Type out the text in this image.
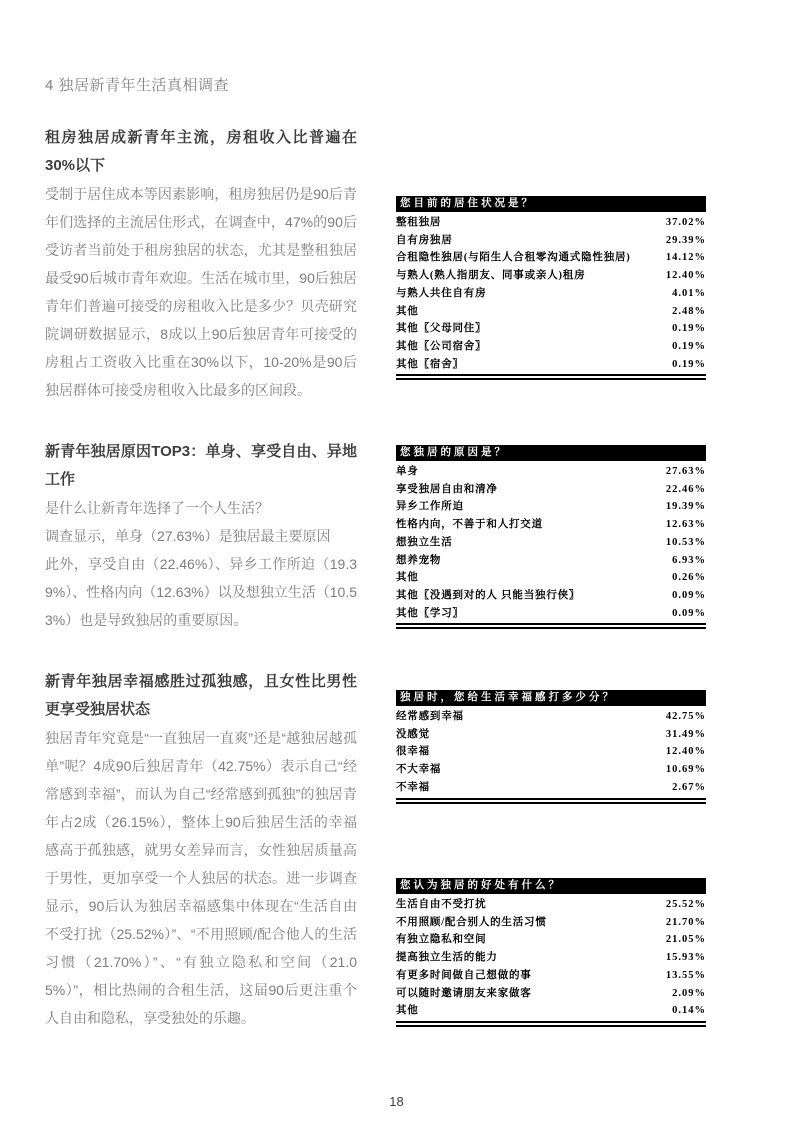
4 独居新青年生活真相调查
租房独居成新青年主流，房租收入比普遍在30%以下

受制于居住成本等因素影响，租房独居仍是90后青年们选择的主流居住形式，在调查中，47%的90后受访者当前处于租房独居的状态，尤其是整租独居最受90后城市青年欢迎。生活在城市里，90后独居青年们普遍可接受的房租收入比是多少？贝壳研究院调研数据显示，8成以上90后独居青年可接受的房租占工资收入比重在30%以下，10-20%是90后独居群体可接受房租收入比最多的区间段。

新青年独居原因TOP3：单身、享受自由、异地工作

是什么让新青年选择了一个人生活？

调查显示，单身（27.63%）是独居最主要原因

此外，享受自由（22.46%）、异乡工作所迫（19.39%）、性格内向（12.63%）以及想独立生活（10.53%）也是导致独居的重要原因。

新青年独居幸福感胜过孤独感，且女性比男性更享受独居状态

独居青年究竟是“一直独居一直爽”还是“越独居越孤单”呢？4成90后独居青年（42.75%）表示自己“经常感到幸福”，而认为自己“经常感到孤独”的独居青年占2成（26.15%），整体上90后独居生活的幸福感高于孤独感，就男女差异而言，女性独居质量高于男性，更加享受一个人独居的状态。进一步调查显示，90后认为独居幸福感集中体现在“生活自由不受打扰（25.52%）”、“不用照顾/配合他人的生活习惯（21.70%）”、“有独立隐私和空间（21.05%）”，相比热闹的合租生活，这届90后更注重个人自由和隐私，享受独处的乐趣。

您目前的居住状况是？
整租独居	37.02%
自有房独居	29.39%
合租隐性独居(与陌生人合租零沟通式隐性独居)	14.12%
与熟人(熟人指朋友、同事或亲人)租房	12.40%
与熟人共住自有房	4.01%
其他	2.48%
其他〖父母同住〗	0.19%
其他〖公司宿舍〗	0.19%
其他〖宿舍〗	0.19%
您独居的原因是？
单身	27.63%
享受独居自由和清净	22.46%
异乡工作所迫	19.39%
性格内向，不善于和人打交道	12.63%
想独立生活	10.53%
想养宠物	6.93%
其他	0.26%
其他〖没遇到对的人 只能当独行侠〗	0.09%
其他〖学习〗	0.09%
独居时，您给生活幸福感打多少分？
经常感到幸福	42.75%
没感觉	31.49%
很幸福	12.40%
不大幸福	10.69%
不幸福	2.67%
您认为独居的好处有什么？
生活自由不受打扰	25.52%
不用照顾/配合别人的生活习惯	21.70%
有独立隐私和空间	21.05%
提高独立生活的能力	15.93%
有更多时间做自己想做的事	13.55%
可以随时邀请朋友来家做客	2.09%
其他	0.14%
18
